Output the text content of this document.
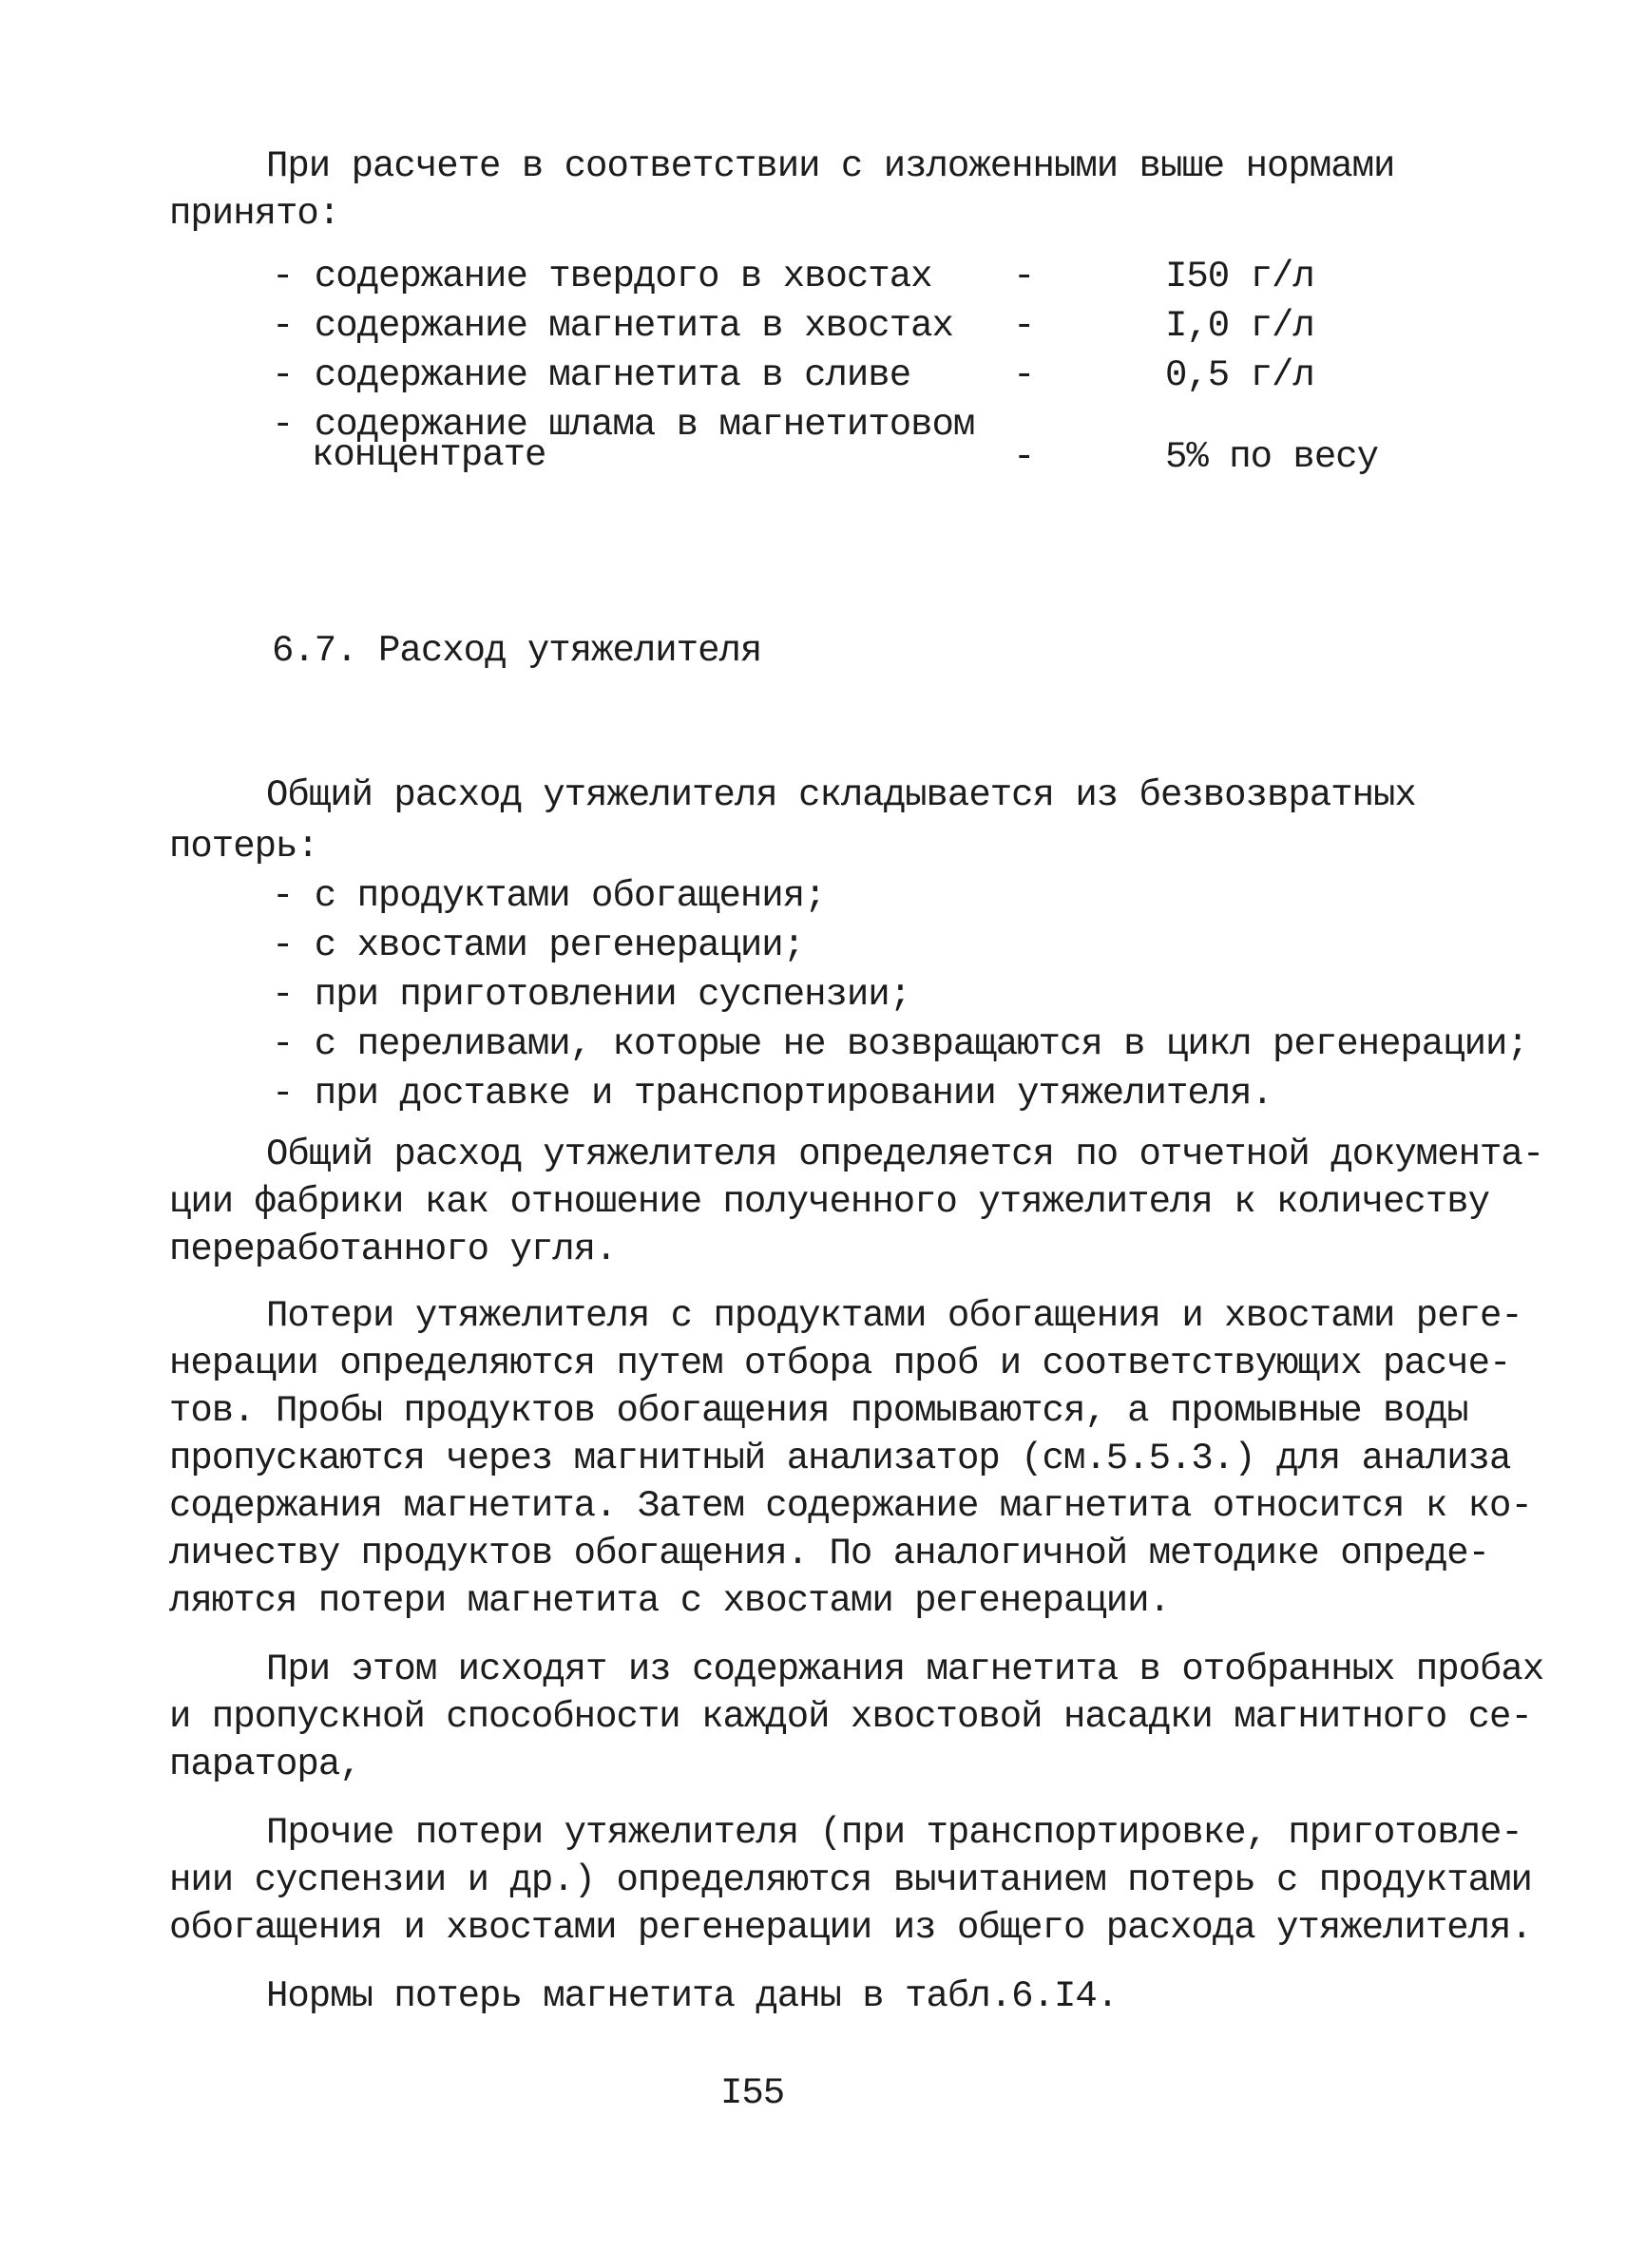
При расчете в соответствии с изложенными выше нормами

принято:

- содержание твердого в хвостах -	I50 г/л
- содержание магнетита в хвостах -	I,0 г/л
- содержание магнетита в сливе	-	0,5 г/л
- содержание шлама в магнетитовом
концентрате	-	5% по весу
6.7. Расход утяжелителя

Общий расход утяжелителя складывается из безвозвратных

потерь:

- с продуктами обогащения;
- с хвостами регенерации;
- при приготовлении суспензии;
- с переливами, которые не возвращаются в цикл регенерации;
- при доставке и транспортировании утяжелителя.
Общий расход утяжелителя определяется по отчетной документа-
ции фабрики как отношение полученного утяжелителя к количеству
переработанного угля.
Потери утяжелителя с продуктами обогащения и хвостами реге-
нерации определяются путем отбора проб и соответствующих расче-
тов. Пробы продуктов обогащения промываются, а промывные воды
пропускаются через магнитный анализатор (см.5.5.3.) для анализа
содержания магнетита. Затем содержание магнетита относится к ко-
личеству продуктов обогащения. По аналогичной методике опреде-
ляются потери магнетита с хвостами регенерации.
При этом исходят из содержания магнетита в отобранных пробах
и пропускной способности каждой хвостовой насадки магнитного се-
паратора,
Прочие потери утяжелителя (при транспортировке, приготовле-
нии суспензии и др.) определяются вычитанием потерь с продуктами
обогащения и хвостами регенерации из общего расхода утяжелителя.

Нормы потерь магнетита даны в табл.6.I4.

I55
